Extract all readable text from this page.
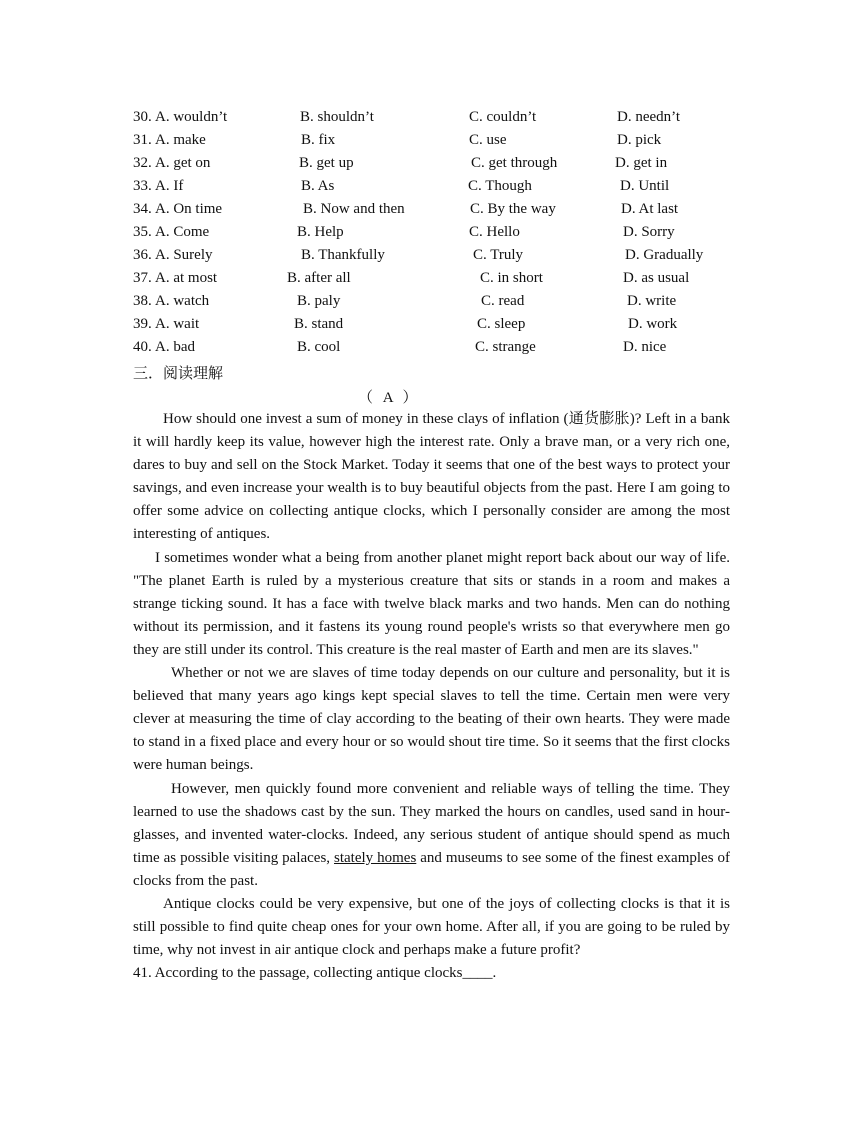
30. A. wouldn’t	B. shouldn’t	C. couldn’t	D. needn’t
31. A. make	B. fix	C. use	D. pick
32. A. get on	B. get up	C. get through	D. get in
33. A. If	B. As	C. Though	D. Until
34. A. On time	B. Now and then	C. By the way	D. At last
35. A. Come	B. Help	C. Hello	D. Sorry
36. A. Surely	B. Thankfully	C. Truly	D. Gradually
37. A. at most	B. after all	C. in short	D. as usual
38. A. watch	B. paly	C. read	D. write
39. A. wait	B. stand	C. sleep	D. work
40. A. bad	B. cool	C. strange	D. nice
三．阅读理解
（ A ）

How should one invest a sum of money in these clays of inflation (通货膨胀)? Left in a bank it will hardly keep its value, however high the interest rate. Only a brave man, or a very rich one, dares to buy and sell on the Stock Market. Today it seems that one of the best ways to protect your savings, and even increase your wealth is to buy beautiful objects from the past. Here I am going to offer some advice on collecting antique clocks, which I personally consider are among the most interesting of antiques.

I sometimes wonder what a being from another planet might report back about our way of life. "The planet Earth is ruled by a mysterious creature that sits or stands in a room and makes a strange ticking sound. It has a face with twelve black marks and two hands. Men can do nothing without its permission, and it fastens its young round people's wrists so that everywhere men go they are still under its control. This creature is the real master of Earth and men are its slaves."

Whether or not we are slaves of time today depends on our culture and personality, but it is believed that many years ago kings kept special slaves to tell the time. Certain men were very clever at measuring the time of clay according to the beating of their own hearts. They were made to stand in a fixed place and every hour or so would shout tire time. So it seems that the first clocks were human beings.

However, men quickly found more convenient and reliable ways of telling the time. They learned to use the shadows cast by the sun. They marked the hours on candles, used sand in hour- glasses, and invented water-clocks. Indeed, any serious student of antique should spend as much time as possible visiting palaces, stately homes and museums to see some of the finest examples of clocks from the past.

Antique clocks could be very expensive, but one of the joys of collecting clocks is that it is still possible to find quite cheap ones for your own home. After all, if you are going to be ruled by time, why not invest in air antique clock and perhaps make a future profit?

41. According to the passage, collecting antique clocks____.
